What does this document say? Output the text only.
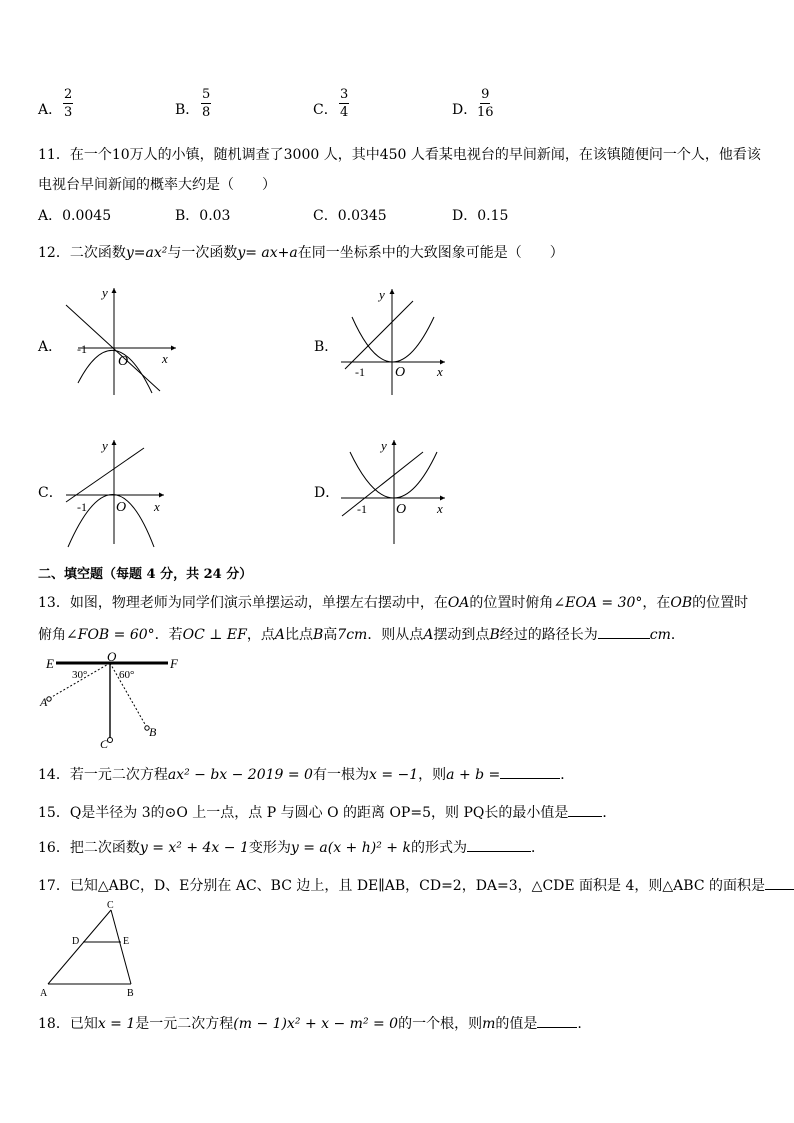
A． $\frac{2}{3}$	B． $\frac{5}{8}$	C． $\frac{3}{4}$	D． $\frac{9}{16}$
11．在一个10万人的小镇，随机调查了3000 人，其中450 人看某电视台的早间新闻，在该镇随便问一个人，他看该
电视台早间新闻的概率大约是（　　）
A．0.0045	B．0.03	C．0.0345	D．0.15
12．二次函数y=ax²与一次函数y= ax+a在同一坐标系中的大致图象可能是（　　）
A．	B．
C．	D．
y
x
O
-1
y
x
O
-1
y
x
O
-1
y
x
O
-1
二、填空题（每题 4 分，共 24 分）
13．如图，物理老师为同学们演示单摆运动，单摆左右摆动中，在OA的位置时俯角∠EOA = 30°，在OB的位置时
俯角∠FOB = 60°．若OC ⊥ EF，点A比点B高7cm．则从点A摆动到点B经过的路径长为	cm．
E	O	F
A
B
C
30°	60°
14．若一元二次方程ax² − bx − 2019 = 0有一根为x = −1，则a + b =	．
15．Q是半径为 3的⊙O 上一点，点 P 与圆心 O 的距离 OP=5，则 PQ长的最小值是 ．
16．把二次函数y = x² + 4x − 1变形为y = a(x + h)² + k的形式为	．
17．已知△ABC，D、E分别在 AC、BC 边上，且 DE∥AB，CD=2，DA=3，△CDE 面积是 4，则△ABC 的面积是
C
D	E
A	B
18．已知x = 1是一元二次方程(m − 1)x² + x − m² = 0的一个根，则m的值是	.
